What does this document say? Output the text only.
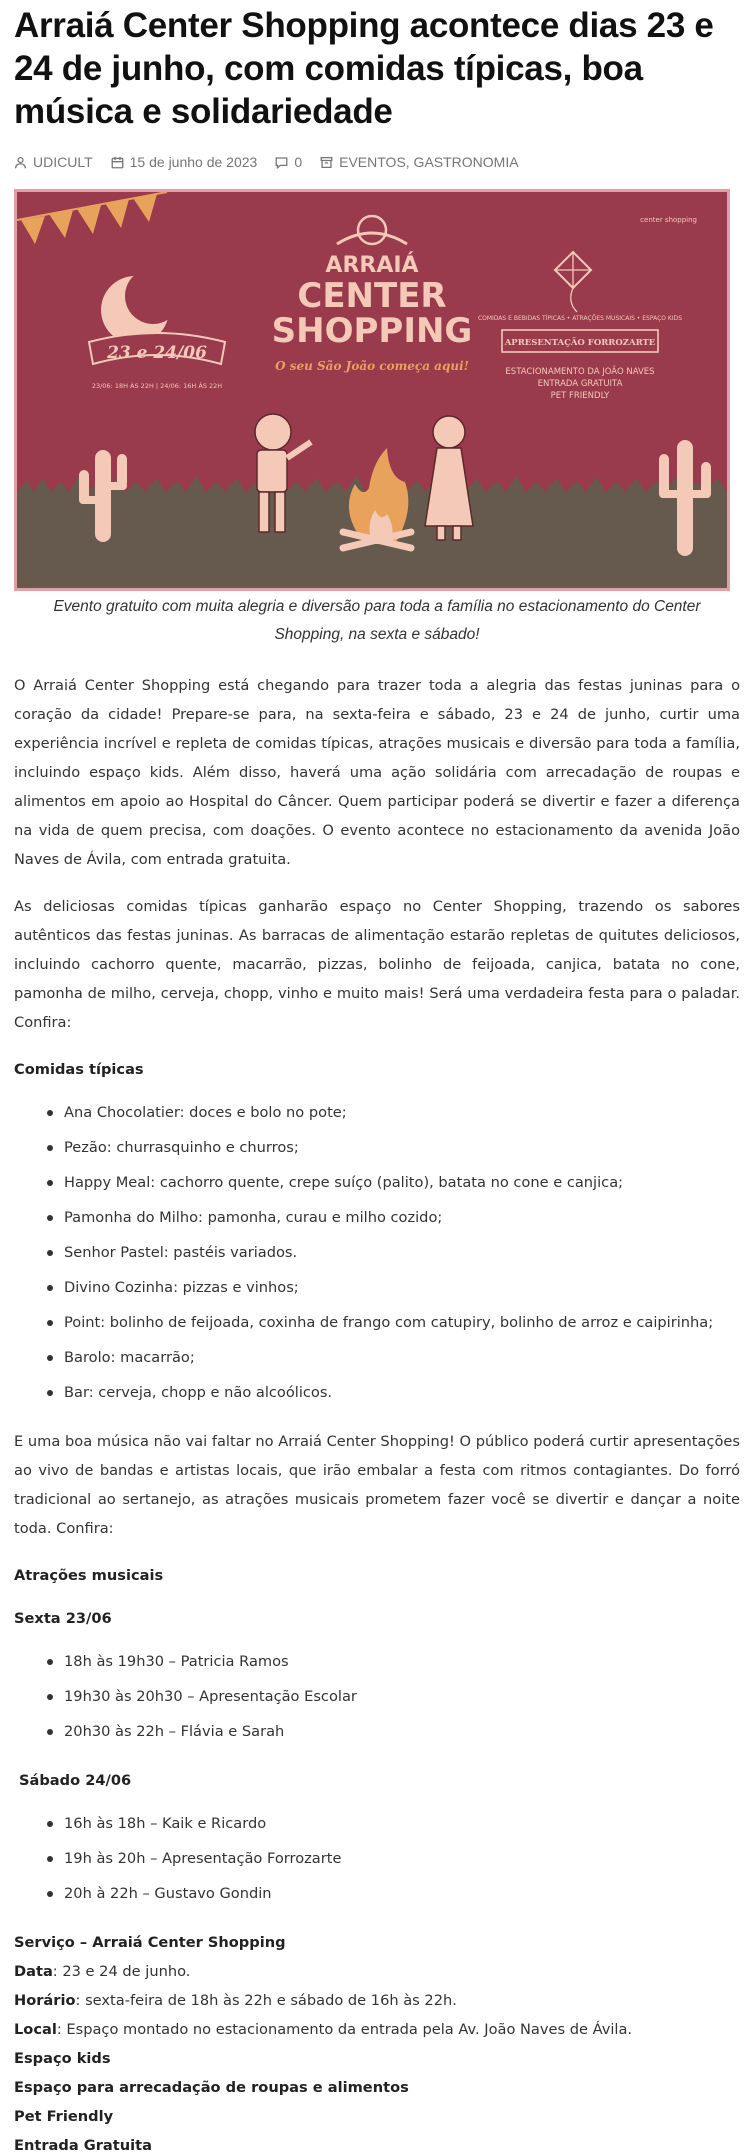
Arraiá Center Shopping acontece dias 23 e 24 de junho, com comidas típicas, boa música e solidariedade
UDICULT	15 de junho de 2023	0	EVENTOS, GASTRONOMIA
23 e 24/06
23/06: 18H ÀS 22H | 24/06: 16H ÀS 22H
ARRAIÁ
CENTER
SHOPPING
O seu São João começa aqui!
center shopping
COMIDAS E BEBIDAS TÍPICAS • ATRAÇÕES MUSICAIS • ESPAÇO KIDS
APRESENTAÇÃO FORROZARTE
ESTACIONAMENTO DA JOÃO NAVES
ENTRADA GRATUITA
PET FRIENDLY

Evento gratuito com muita alegria e diversão para toda a família no estacionamento do Center Shopping, na sexta e sábado!

O Arraiá Center Shopping está chegando para trazer toda a alegria das festas juninas para o coração da cidade! Prepare-se para, na sexta-feira e sábado, 23 e 24 de junho, curtir uma experiência incrível e repleta de comidas típicas, atrações musicais e diversão para toda a família, incluindo espaço kids. Além disso, haverá uma ação solidária com arrecadação de roupas e alimentos em apoio ao Hospital do Câncer. Quem participar poderá se divertir e fazer a diferença na vida de quem precisa, com doações. O evento acontece no estacionamento da avenida João Naves de Ávila, com entrada gratuita.

As deliciosas comidas típicas ganharão espaço no Center Shopping, trazendo os sabores autênticos das festas juninas. As barracas de alimentação estarão repletas de quitutes deliciosos, incluindo cachorro quente, macarrão, pizzas, bolinho de feijoada, canjica, batata no cone, pamonha de milho, cerveja, chopp, vinho e muito mais! Será uma verdadeira festa para o paladar. Confira:

Comidas típicas

Ana Chocolatier: doces e bolo no pote;
Pezão: churrasquinho e churros;
Happy Meal: cachorro quente, crepe suíço (palito), batata no cone e canjica;
Pamonha do Milho: pamonha, curau e milho cozido;
Senhor Pastel: pastéis variados.
Divino Cozinha: pizzas e vinhos;
Point: bolinho de feijoada, coxinha de frango com catupiry, bolinho de arroz e caipirinha;
Barolo: macarrão;
Bar: cerveja, chopp e não alcoólicos.

E uma boa música não vai faltar no Arraiá Center Shopping! O público poderá curtir apresentações ao vivo de bandas e artistas locais, que irão embalar a festa com ritmos contagiantes. Do forró tradicional ao sertanejo, as atrações musicais prometem fazer você se divertir e dançar a noite toda. Confira:

Atrações musicais

Sexta 23/06

18h às 19h30 – Patricia Ramos
19h30 às 20h30 – Apresentação Escolar
20h30 às 22h – Flávia e Sarah

Sábado 24/06

16h às 18h – Kaik e Ricardo
19h às 20h – Apresentação Forrozarte
20h à 22h – Gustavo Gondin
Serviço – Arraiá Center Shopping
Data: 23 e 24 de junho.
Horário: sexta-feira de 18h às 22h e sábado de 16h às 22h.
Local: Espaço montado no estacionamento da entrada pela Av. João Naves de Ávila.
Espaço kids
Espaço para arrecadação de roupas e alimentos
Pet Friendly
Entrada Gratuita
